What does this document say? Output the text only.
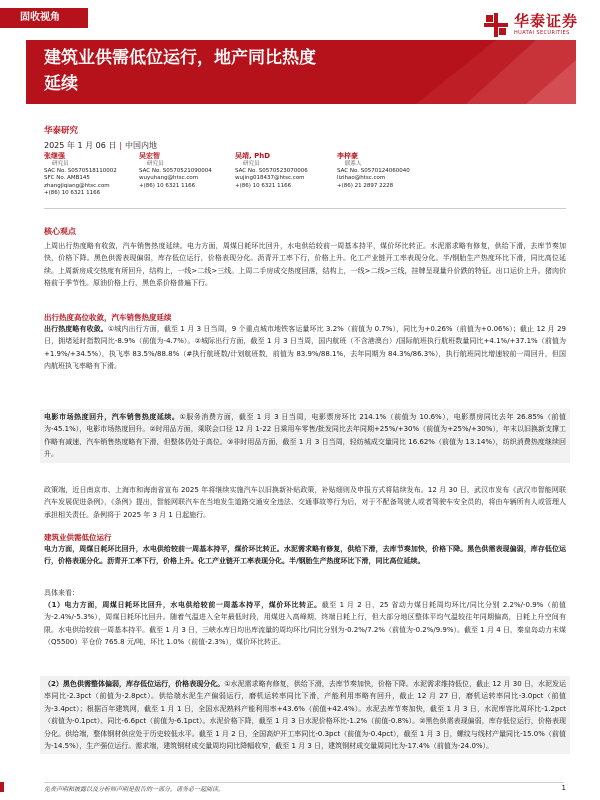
固收视角	华泰证券
HUATAI SECURITIES
建筑业供需低位运行，地产同比热度
延续
华泰研究
2025 年 1 月 06 日 | 中国内地
张继强
研究员
SAC No. S0570518110002
SFC No. AMB145
zhangjiqiang@htsc.com
+(86) 10 6321 1166
吴宏智
研究员
SAC No. S0570521090004
wuyuhang@htsc.com
+(86) 10 6321 1166
吴靖, PhD
研究员
SAC No. S0570523070006
wujing018437@htsc.com
+(86) 10 6321 1166
李梓豪
联系人
SAC No. S0570124060040
lizihao@htsc.com
+(86) 21 2897 2228
核心观点
上周出行热度略有收敛，汽车销售热度延续。电力方面，周煤日耗环比回升，水电供给较前一周基本持平，煤价环比转正。水泥需求略有修复，供给下滑，去库节奏加快，价格下降。黑色供需表现偏弱，库存低位运行，价格表现分化。沥青开工率下行，价格上升。化工产业链开工率表现分化。半/钢胎生产热度环比下滑，同比高位延续。上周新房成交热度有所回升，结构上，一线>二线>三线。上周二手房成交热度回落，结构上，一线>二线>三线，挂牌呈现量升价跌的特征。出口运价上升。猪肉价格前于季节性。原油价格上行，黑色系价格普遍下行。
出行热度高位收敛，汽车销售热度延续
出行热度略有收敛。①城内出行方面，截至 1 月 3 日当周，9 个重点城市地铁客运量环比 3.2%（前值为 0.7%），同比为+0.26%（前值为+0.06%）；截止 12 月 29 日，拥堵延时指数同比-8.9%（前值为-4.7%）。②城际出行方面，截至 1 月 3 日当周，国内航班（不含港澳台）/国际航班执行航班数量同比+4.1%/+37.1%（前值为+1.9%/+34.5%），执飞率 83.5%/88.8%（#执行航班数/计划航班数，前值为 83.9%/88.1%，去年同期为 84.3%/86.3%），执行航班同比增速较前一周回升，但国内航班执飞率略有下滑。
电影市场热度回升，汽车销售热度延续。①服务消费方面，截至 1 月 3 日当周，电影票房环比 214.1%（前值为 10.6%），电影票房同比去年 26.85%（前值为-45.1%），电影市场热度回升。②时用品方面，乘联会口径 12 月 1-22 日乘用车零售/批发同比去年同期+25%/+30%（前值为+25%/+30%），年末以旧换新支撑工作略有减速，汽车销售热度略有下滑，但整体仍处于高位。③非时用品方面，截至 1 月 3 日当周，轻纺城成交量同比 16.62%（前值为 13.14%），纺织消费热度继续回升。
政策端，近日南京市、上海市和海南省宣布 2025 年将继续实施汽车以旧换新补贴政策，补贴细则及申报方式将陆续发布。12 月 30 日，武汉市发布《武汉市智能网联汽车发展促进条例》，《条例》提出，智能网联汽车在当地发生道路交通安全违法、交通事故等行为后，对于不配备驾驶人或者驾驶车安全员的，将由车辆所有人或管理人承担相关责任。条例将于 2025 年 3 月 1 日起施行。
建筑业供需低位运行
电力方面，周煤日耗环比回升，水电供给较前一周基本持平，煤价环比转正。水泥需求略有修复，供给下滑，去库节奏加快，价格下降。黑色供需表现偏弱，库存低位运行，价格表现分化。沥青开工率下行，价格上升。化工产业链开工率表现分化。半/钢胎生产热度环比下滑，同比高位延续。
具体来看：
（1）电力方面，周煤日耗环比回升，水电供给较前一周基本持平，煤价环比转正。截至 1 月 2 日，25 省动力煤日耗周均环比/同比分别 2.2%/-0.9%（前值为-2.4%/-5.3%），周煤日耗环比回升。随着气温进入全年最低时段，用煤进入高峰期，终端日耗上行，但大部分地区整体平均气温较往年同期偏高，日耗上升空间有限。水电供给较前一周基本持平。截至 1 月 3 日，三峡水库日均出库流量的周均环比/同比分别为-0.2%/7.2%（前值为-0.2%/9.9%）。截至 1 月 4 日，秦皇岛动力末煤（Q5500）平仓价 765.8 元/吨，环比 1.0%（前值-2.3%），煤价环比转正。
（2）黑色供需整体偏弱，库存低位运行，价格表现分化。①水泥需求略有修复，供给下滑，去库节奏加快，价格下降。水泥需求维持低位，截止 12 月 30 日，水泥发运率同比-2.3pct（前值为-2.8pct）。供给端水泥生产偏弱运行，磨机运转率同比下滑，产能利用率略有回升，截止 12 月 27 日，磨机运转率同比-3.0pct（前值为-3.4pct）；根据百年建筑网，截至 1 月 1 日，全国水泥熟料产能利用率+43.6%（前值+42.4%）。水泥去库节奏加快，截至 1 月 3 日，水泥库容比周环比-1.2pct（前值为-0.1pct）、同比-6.6pct（前值为-6.1pct）。水泥价格下降，截至 1 月 3 日水泥价格环比-1.2%（前值-0.8%）。②黑色供需表现偏弱，库存低位运行，价格表现分化。供给端，整体钢材供应处于历史较低水平。截至 1 月 2 日，全国高炉开工率同比-0.3pct（前值为-0.4pct），截至 1 月 3 日，螺纹与线材产量同比-15.0%（前值为-14.5%），生产强位运行。需求端，建筑钢材成交量周均同比降幅收窄，截至 1 月 3 日，建筑钢材成交量周同比为-17.4%（前值为-24.0%）。
免责声明和披露以及分析师声明是报告的一部分，请务必一起阅读。	1
